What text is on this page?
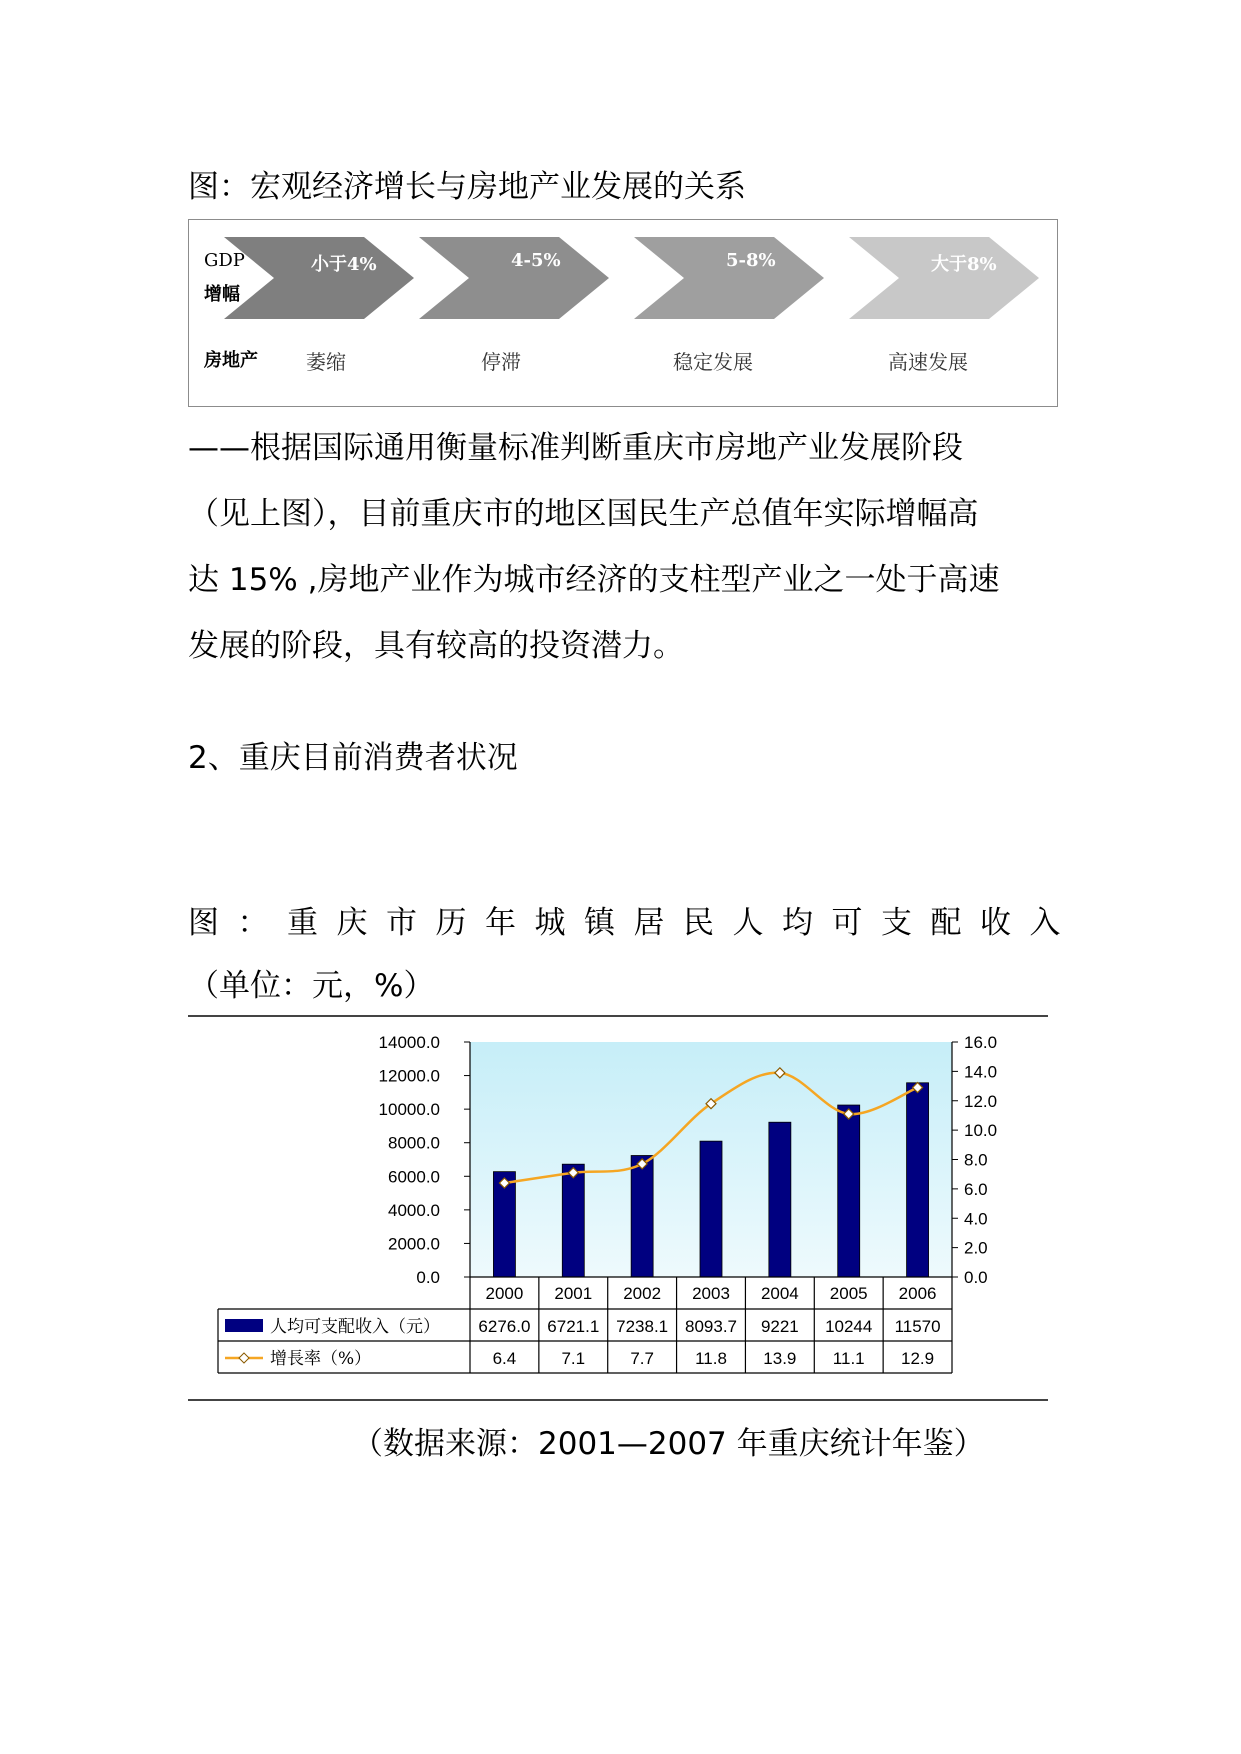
图：宏观经济增长与房地产业发展的关系
GDP
增幅
房地产
小于4%	4-5%	5-8%	大于8%
萎缩	停滞	稳定发展	高速发展
——根据国际通用衡量标准判断重庆市房地产业发展阶段
（见上图），目前重庆市的地区国民生产总值年实际增幅高
达 15% ,房地产业作为城市经济的支柱型产业之一处于高速
发展的阶段，具有较高的投资潜力。
2、重庆目前消费者状况
图：重庆市历年城镇居民人均可支配收入
（单位：元，%）
0.0
2000.0
4000.0
6000.0
8000.0
10000.0
12000.0
14000.0
0.0
2.0
4.0
6.0
8.0
10.0
12.0
14.0
16.0
2000 2001 2002 2003 2004 2005 2006
人均可支配收入（元） 6276.0 6721.1 7238.1 8093.7 9221 10244 11570
增長率（%）	6.4	7.1	7.7 11.8 13.9 11.1 12.9
（数据来源：2001—2007 年重庆统计年鉴）
